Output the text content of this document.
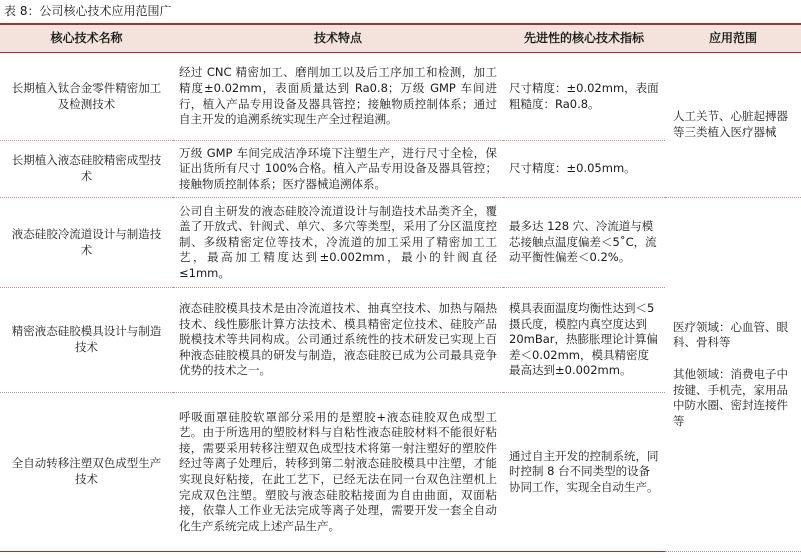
表 8：公司核心技术应用范围广
核心技术名称	技术特点	先进性的核心技术指标	应用范围
长期植入钛合金零件精密加工及检测技术	经过 CNC 精密加工、磨削加工以及后工序加工和检测，加工精度±0.02mm，表面质量达到 Ra0.8；万级 GMP 车间进行，植入产品专用设备及器具管控；接触物质控制体系；通过自主开发的追溯系统实现生产全过程追溯。	尺寸精度：±0.02mm，表面粗糙度：Ra0.8。	人工关节、心脏起搏器等三类植入医疗器械
长期植入液态硅胶精密成型技术	万级 GMP 车间完成洁净环境下注塑生产，进行尺寸全检，保证出货所有尺寸 100%合格。植入产品专用设备及器具管控；接触物质控制体系；医疗器械追溯体系。	尺寸精度：±0.05mm。	
液态硅胶冷流道设计与制造技术	公司自主研发的液态硅胶冷流道设计与制造技术品类齐全，覆盖了开放式、针阀式、单穴、多穴等类型，采用了分区温度控制、多级精密定位等技术，冷流道的加工采用了精密加工工艺，最高加工精度达到±0.002mm，最小的针阀直径≤1mm。	最多达 128 穴、冷流道与模芯接触点温度偏差＜5˚C，流动平衡性偏差＜0.2%。	医疗领域：心血管、眼科、骨科等
其他领域：消费电子中按键、手机壳，家用品中防水圈、密封连接件等

精密液态硅胶模具设计与制造技术	液态硅胶模具技术是由冷流道技术、抽真空技术、加热与隔热技术、线性膨胀计算方法技术、模具精密定位技术、硅胶产品脱模技术等共同构成。公司通过系统性的技术研发已实现上百种液态硅胶模具的研发与制造，液态硅胶已成为公司最具竞争优势的技术之一。	模具表面温度均衡性达到＜5 摄氏度，模腔内真空度达到 20mBar，热膨胀理论计算偏差＜0.02mm，模具精密度最高达到±0.002mm。	
全自动转移注塑双色成型生产技术	呼吸面罩硅胶软罩部分采用的是塑胶+液态硅胶双色成型工艺。由于所选用的塑胶材料与自粘性液态硅胶材料不能很好粘接，需要采用转移注塑双色成型技术将第一射注塑好的塑胶件经过等离子处理后，转移到第二射液态硅胶模具中注塑，才能实现良好粘接，在此工艺下，已经无法在同一台双色注塑机上完成双色注塑。塑胶与液态硅胶粘接面为自由曲面，双面粘接，依靠人工作业无法完成等离子处理，需要开发一套全自动化生产系统完成上述产品生产。	通过自主开发的控制系统，同时控制 8 台不同类型的设备协同工作，实现全自动生产。	
